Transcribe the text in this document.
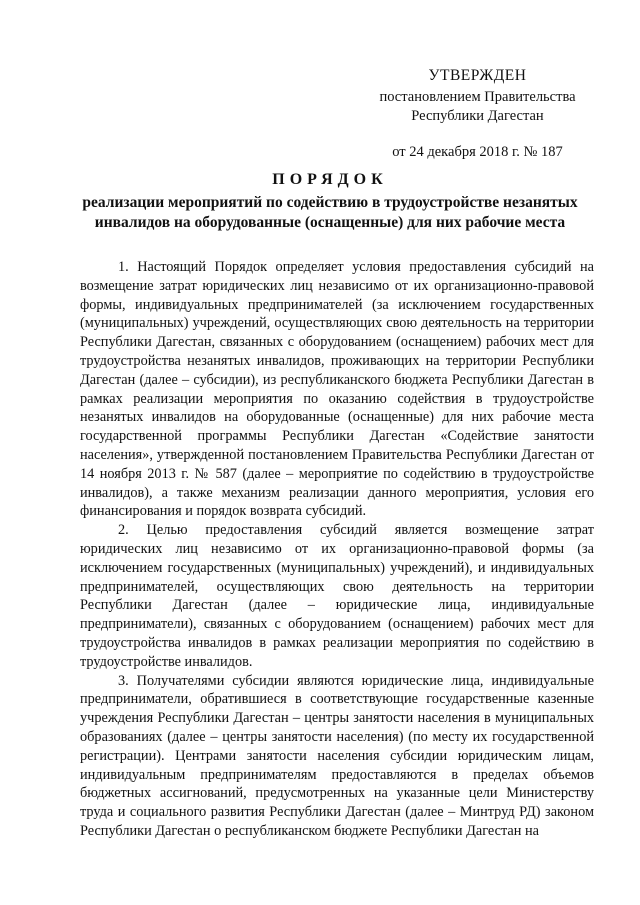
УТВЕРЖДЕН
постановлением Правительства
Республики Дагестан
от 24 декабря 2018 г. № 187
ПОРЯДОК
реализации мероприятий по содействию в трудоустройстве незанятых
инвалидов на оборудованные (оснащенные) для них рабочие места

1. Настоящий Порядок определяет условия предоставления субсидий на возмещение затрат юридических лиц независимо от их организационно-правовой формы, индивидуальных предпринимателей (за исключением государственных (муниципальных) учреждений, осуществляющих свою деятельность на территории Республики Дагестан, связанных с оборудованием (оснащением) рабочих мест для трудоустройства незанятых инвалидов, проживающих на территории Республики Дагестан (далее – субсидии), из республиканского бюджета Республики Дагестан в рамках реализации мероприятия по оказанию содействия в трудоустройстве незанятых инвалидов на оборудованные (оснащенные) для них рабочие места государственной программы Республики Дагестан «Содействие занятости населения», утвержденной постановлением Правительства Республики Дагестан от 14 ноября 2013 г. № 587 (далее – мероприятие по содействию в трудоустройстве инвалидов), а также механизм реализации данного мероприятия, условия его финансирования и порядок возврата субсидий.

2. Целью предоставления субсидий является возмещение затрат юридических лиц независимо от их организационно-правовой формы (за исключением государственных (муниципальных) учреждений), и индивидуальных предпринимателей, осуществляющих свою деятельность на территории Республики Дагестан (далее – юридические лица, индивидуальные предприниматели), связанных с оборудованием (оснащением) рабочих мест для трудоустройства инвалидов в рамках реализации мероприятия по содействию в трудоустройстве инвалидов.

3. Получателями субсидии являются юридические лица, индивидуальные предприниматели, обратившиеся в соответствующие государственные казенные учреждения Республики Дагестан – центры занятости населения в муниципальных образованиях (далее – центры занятости населения) (по месту их государственной регистрации). Центрами занятости населения субсидии юридическим лицам, индивидуальным предпринимателям предоставляются в пределах объемов бюджетных ассигнований, предусмотренных на указанные цели Министерству труда и социального развития Республики Дагестан (далее – Минтруд РД) законом Республики Дагестан о республиканском бюджете Республики Дагестан на
